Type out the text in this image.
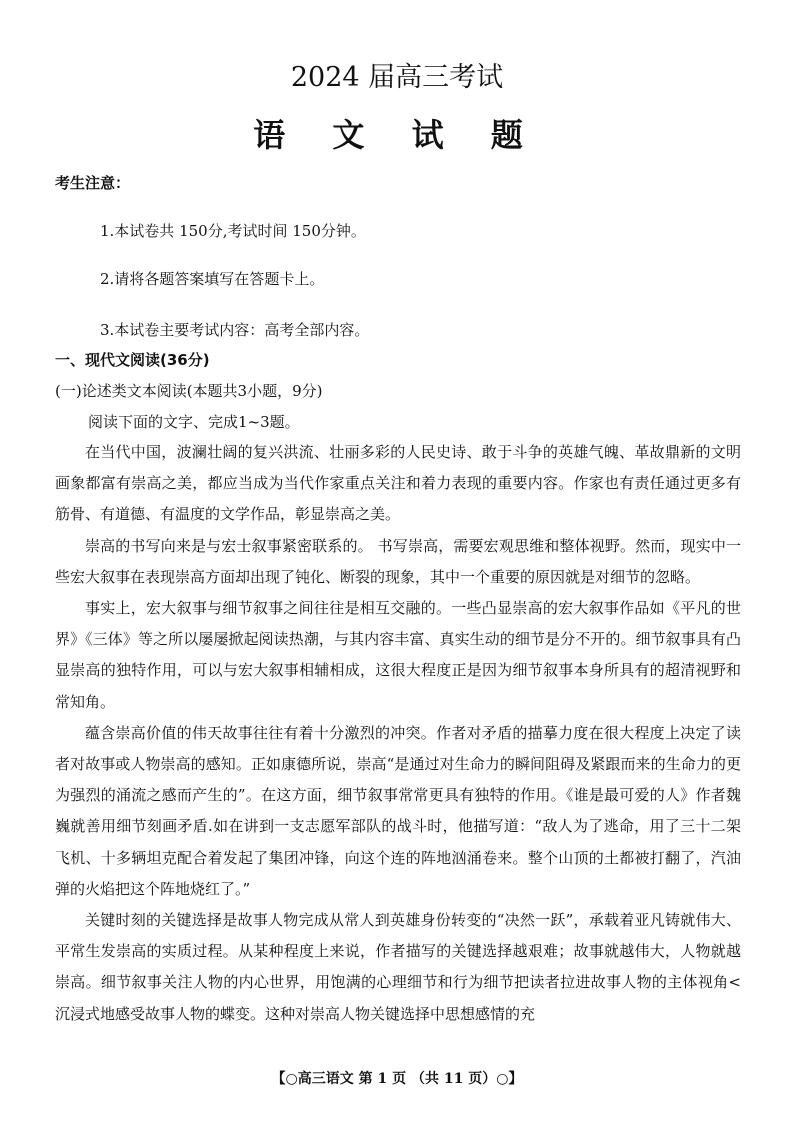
2024 届高三考试
语 文 试 题
考生注意：
1.本试卷共 150分,考试时间 150分钟。
2.请将各题答案填写在答题卡上。
3.本试卷主要考试内容：高考全部内容。
一、现代文阅读(36分)
(一)论述类文本阅读(本题共3小题，9分)
阅读下面的文字、完成1~3题。

在当代中国，波澜壮阔的复兴洪流、壮丽多彩的人民史诗、敢于斗争的英雄气魄、革故鼎新的文明画象都富有崇高之美，都应当成为当代作家重点关注和着力表现的重要内容。作家也有责任通过更多有筋骨、有道德、有温度的文学作品，彰显崇高之美。

崇高的书写向来是与宏士叙事紧密联系的。 书写崇高，需要宏观思维和整体视野。然而，现实中一些宏大叙事在表现崇高方面却出现了钝化、断裂的现象，其中一个重要的原因就是对细节的忽略。

事实上，宏大叙事与细节叙事之间往往是相互交融的。一些凸显崇高的宏大叙事作品如《平凡的世界》《三体》等之所以屡屡掀起阅读热潮，与其内容丰富、真实生动的细节是分不开的。细节叙事具有凸显崇高的独特作用，可以与宏大叙事相辅相成，这很大程度正是因为细节叙事本身所具有的超清视野和常知角。

蕴含崇高价值的伟天故事往往有着十分激烈的冲突。作者对矛盾的描摹力度在很大程度上决定了读者对故事或人物崇高的感知。正如康德所说，崇高“是通过对生命力的瞬间阻碍及紧跟而来的生命力的更为强烈的涌流之感而产生的”。在这方面，细节叙事常常更具有独特的作用。《谁是最可爱的人》作者魏巍就善用细节刻画矛盾.如在讲到一支志愿军部队的战斗时，他描写道：“敌人为了逃命，用了三十二架飞机、十多辆坦克配合着发起了集团冲锋，向这个连的阵地汹涌卷来。整个山顶的土都被打翻了，汽油弹的火焰把这个阵地烧红了。”

关键时刻的关键选择是故事人物完成从常人到英雄身份转变的“决然一跃”，承载着亚凡铸就伟大、平常生发崇高的实质过程。从某种程度上来说，作者描写的关键选择越艰难；故事就越伟大，人物就越崇高。细节叙事关注人物的内心世界，用饱满的心理细节和行为细节把读者拉进故事人物的主体视角<沉浸式地感受故事人物的蝶变。这种对崇高人物关键选择中思想感情的充

【○高三语文 第 1 页 （共 11 页）○】
